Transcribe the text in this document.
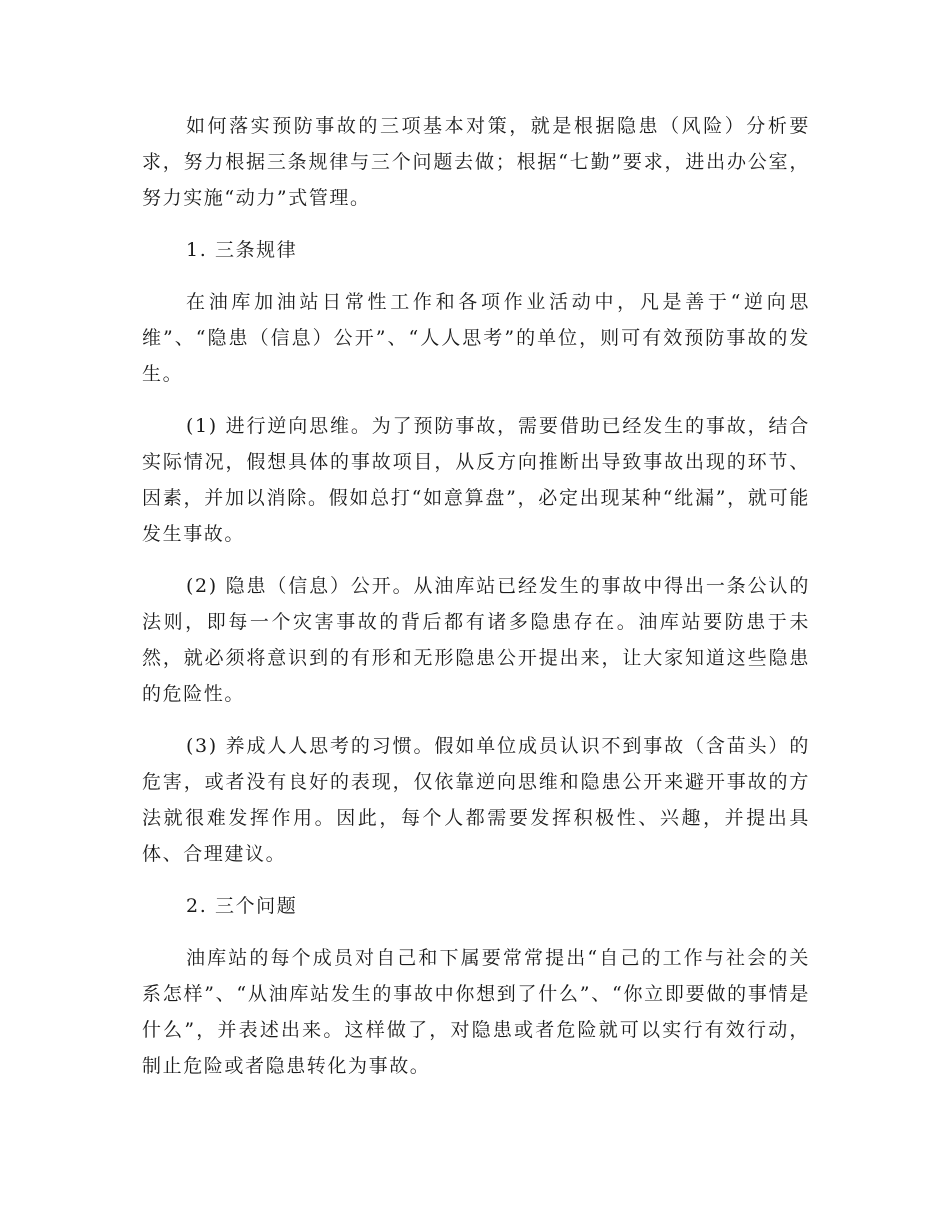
如何落实预防事故的三项基本对策，就是根据隐患（风险）分析要求，努力根据三条规律与三个问题去做；根据“七勤”要求，进出办公室，努力实施“动力”式管理。

1. 三条规律

在油库加油站日常性工作和各项作业活动中，凡是善于“逆向思维”、“隐患（信息）公开”、“人人思考”的单位，则可有效预防事故的发生。

(1) 进行逆向思维。为了预防事故，需要借助已经发生的事故，结合实际情况，假想具体的事故项目，从反方向推断出导致事故出现的环节、因素，并加以消除。假如总打“如意算盘”，必定出现某种“纰漏”，就可能发生事故。

(2) 隐患（信息）公开。从油库站已经发生的事故中得出一条公认的法则，即每一个灾害事故的背后都有诸多隐患存在。油库站要防患于未然，就必须将意识到的有形和无形隐患公开提出来，让大家知道这些隐患的危险性。

(3) 养成人人思考的习惯。假如单位成员认识不到事故（含苗头）的危害，或者没有良好的表现，仅依靠逆向思维和隐患公开来避开事故的方法就很难发挥作用。因此，每个人都需要发挥积极性、兴趣，并提出具体、合理建议。

2. 三个问题

油库站的每个成员对自己和下属要常常提出“自己的工作与社会的关系怎样”、“从油库站发生的事故中你想到了什么”、“你立即要做的事情是什么”，并表述出来。这样做了，对隐患或者危险就可以实行有效行动，制止危险或者隐患转化为事故。
